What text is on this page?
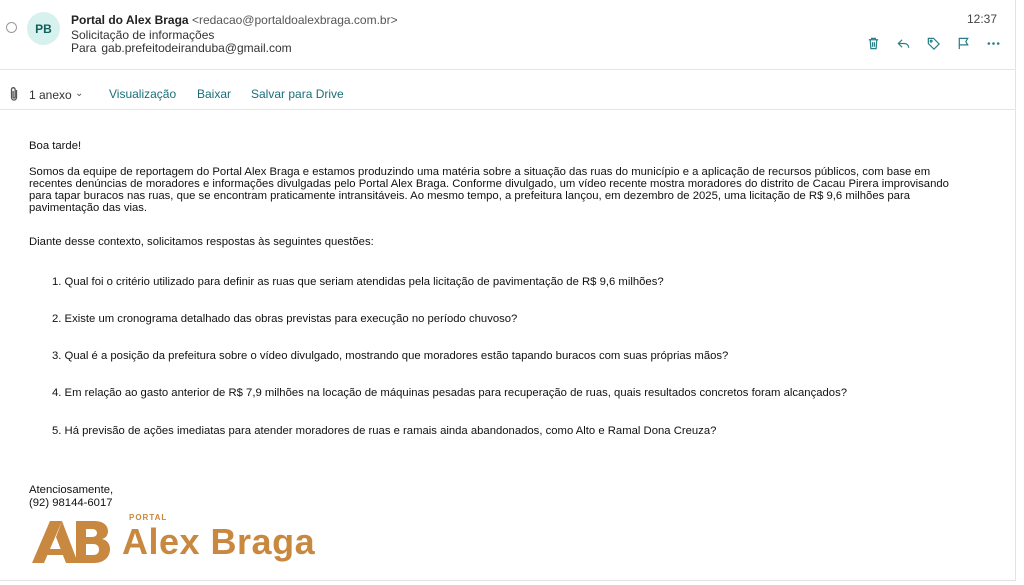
PB
Portal do Alex Braga <redacao@portaldoalexbraga.com.br>
Solicitação de informações
Para gab.prefeitodeiranduba@gmail.com
12:37
1 anexo ⌄ Visualização Baixar Salvar para Drive
Boa tarde!
Somos da equipe de reportagem do Portal Alex Braga e estamos produzindo uma matéria sobre a situação das ruas do município e a aplicação de recursos públicos, com base em recentes denúncias de moradores e informações divulgadas pelo Portal Alex Braga. Conforme divulgado, um vídeo recente mostra moradores do distrito de Cacau Pirera improvisando para tapar buracos nas ruas, que se encontram praticamente intransitáveis. Ao mesmo tempo, a prefeitura lançou, em dezembro de 2025, uma licitação de R$ 9,6 milhões para pavimentação das vias.
Diante desse contexto, solicitamos respostas às seguintes questões:
1. Qual foi o critério utilizado para definir as ruas que seriam atendidas pela licitação de pavimentação de R$ 9,6 milhões?
2. Existe um cronograma detalhado das obras previstas para execução no período chuvoso?
3. Qual é a posição da prefeitura sobre o vídeo divulgado, mostrando que moradores estão tapando buracos com suas próprias mãos?
4. Em relação ao gasto anterior de R$ 7,9 milhões na locação de máquinas pesadas para recuperação de ruas, quais resultados concretos foram alcançados?
5. Há previsão de ações imediatas para atender moradores de ruas e ramais ainda abandonados, como Alto e Ramal Dona Creuza?
Atenciosamente,
(92) 98144-6017
PORTAL
Alex Braga
